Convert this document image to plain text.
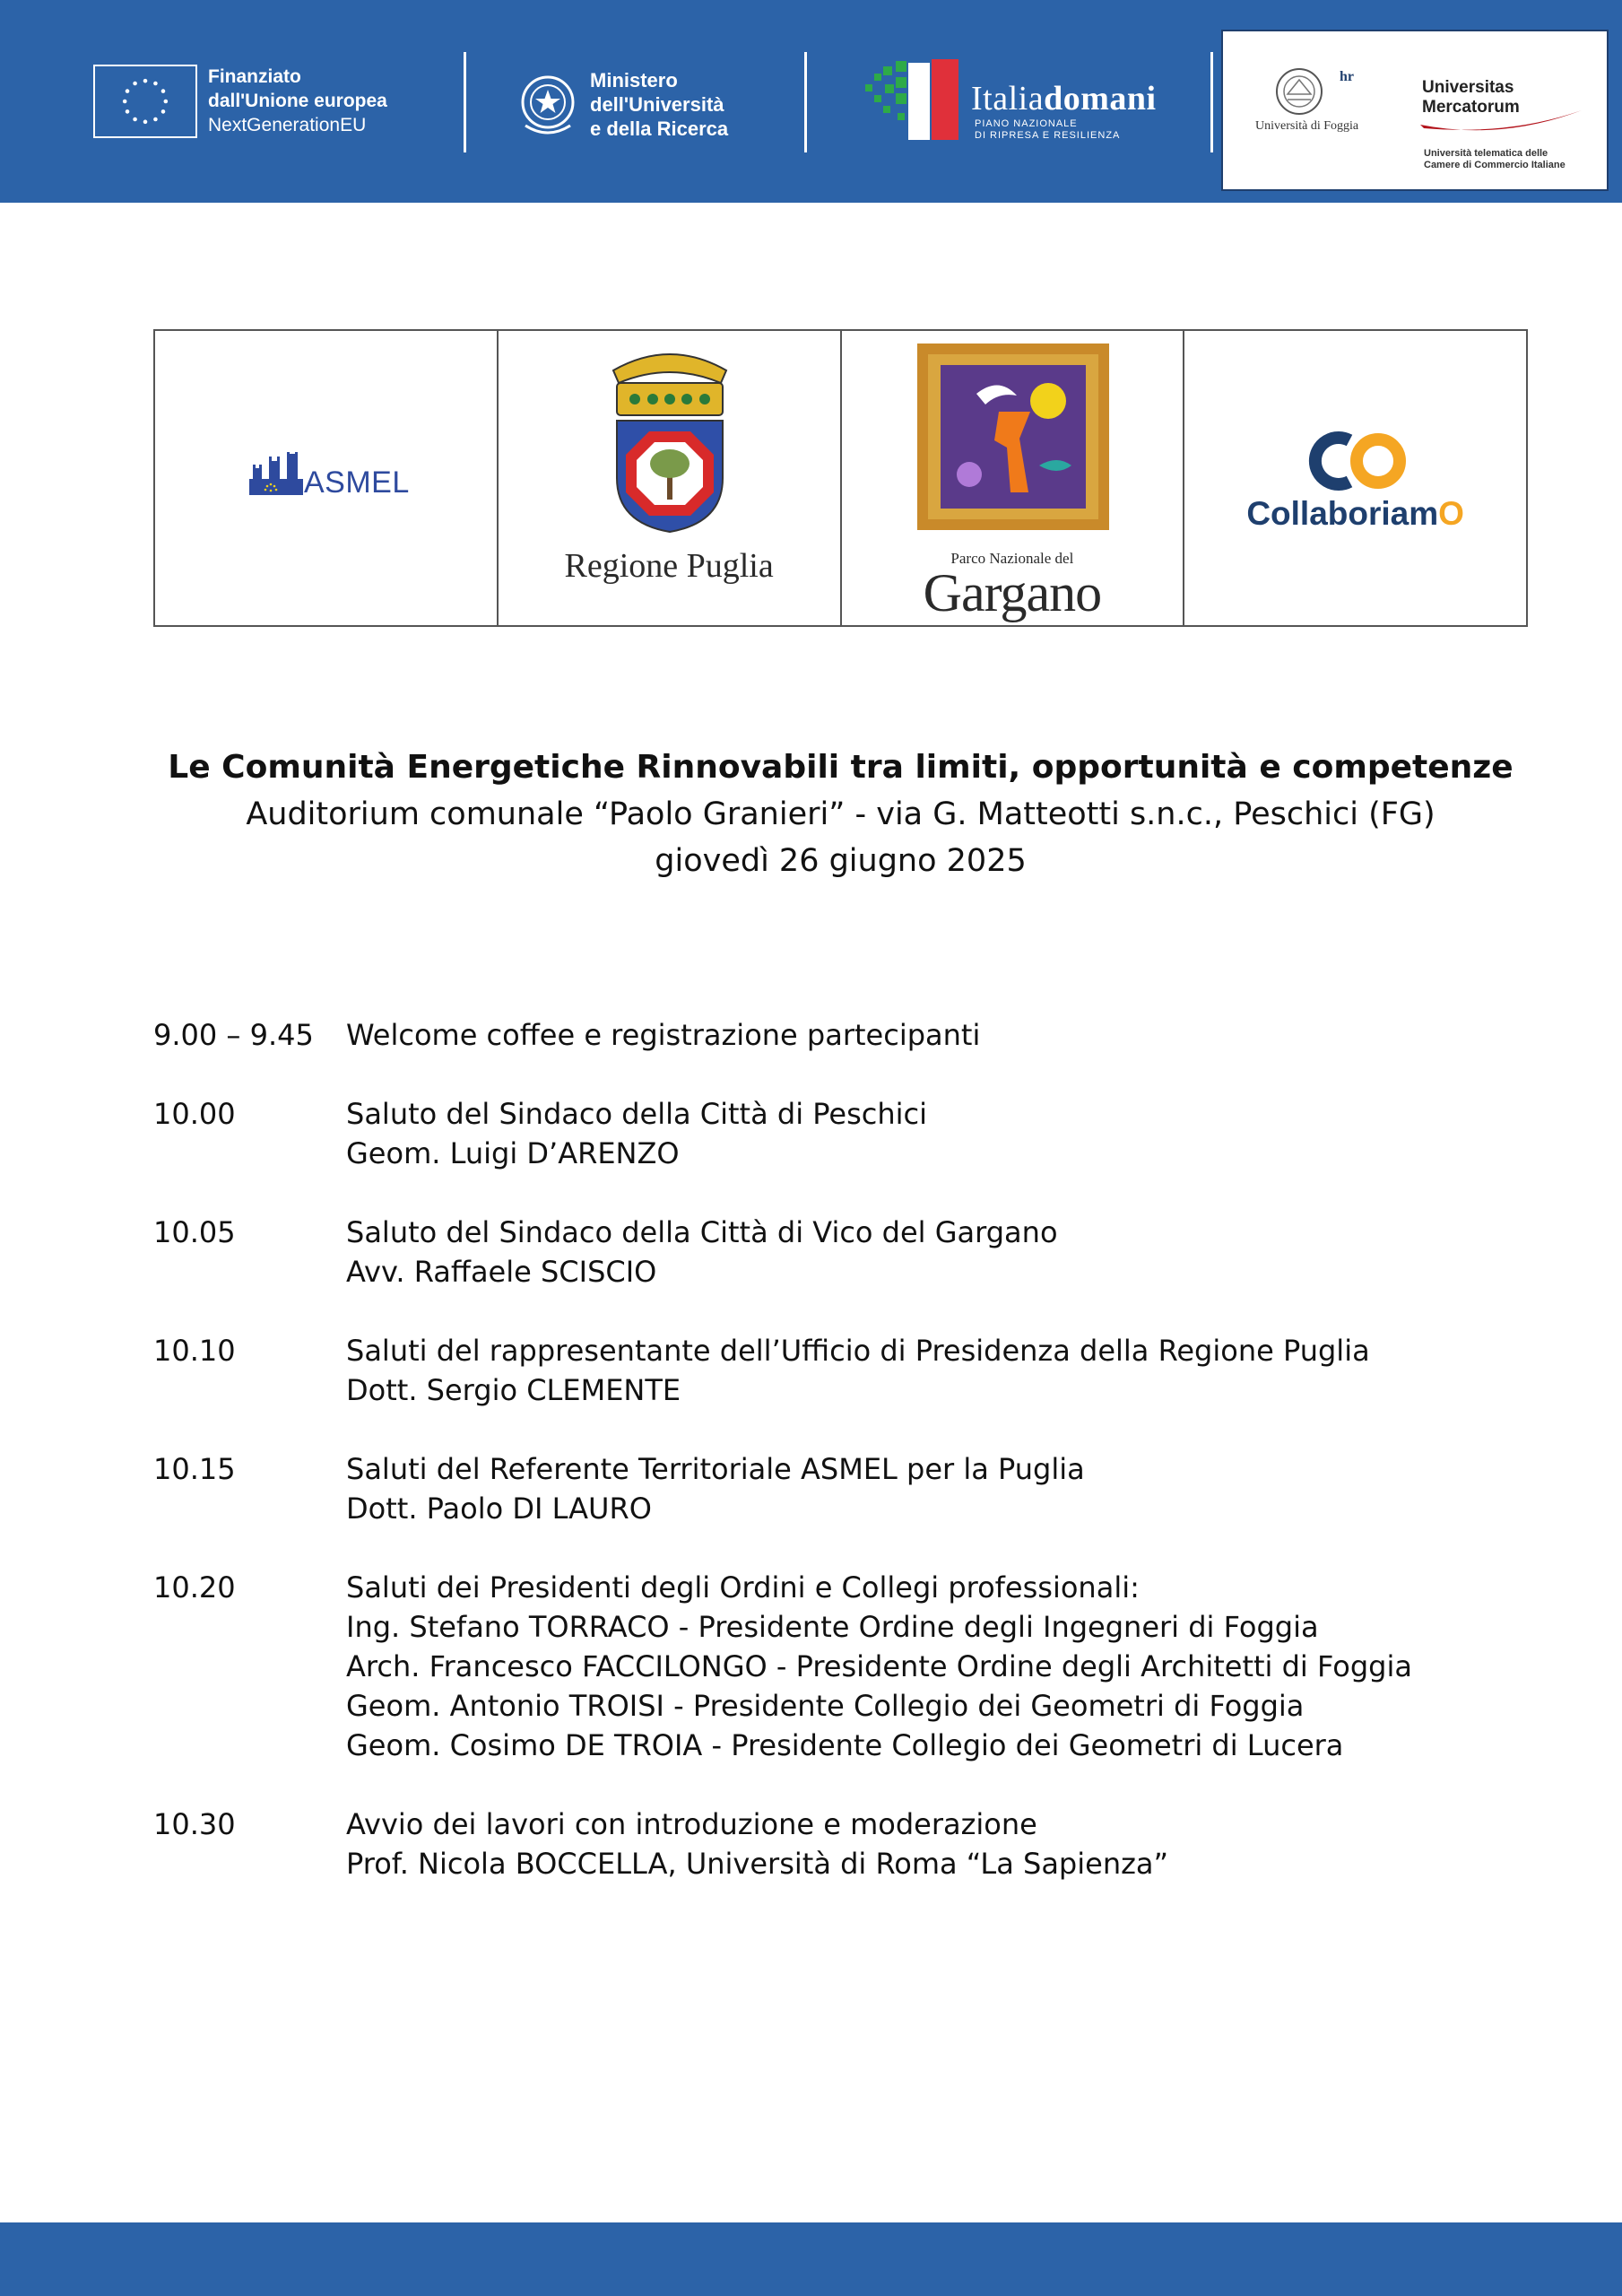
Finanziato
dall'Unione europea
NextGenerationEU
Ministero
dell'Università
e della Ricerca
Italiadomani
PIANO NAZIONALE
DI RIPRESA E RESILIENZA
hr
Università di Foggia
Universitas
Mercatorum
Università telematica delle
Camere di Commercio Italiane
ASMEL
Regione Puglia	Parco Nazionale del
Gargano
CollaboriamO
Le Comunità Energetiche Rinnovabili tra limiti, opportunità e competenze
Auditorium comunale “Paolo Granieri” - via G. Matteotti s.n.c., Peschici (FG)
giovedì 26 giugno 2025
9.00 – 9.45	Welcome coffee e registrazione partecipanti
10.00	Saluto del Sindaco della Città di Peschici
Geom. Luigi D’ARENZO
10.05	Saluto del Sindaco della Città di Vico del Gargano
Avv. Raffaele SCISCIO
10.10	Saluti del rappresentante dell’Ufficio di Presidenza della Regione Puglia
Dott. Sergio CLEMENTE
10.15	Saluti del Referente Territoriale ASMEL per la Puglia
Dott. Paolo DI LAURO
10.20	Saluti dei Presidenti degli Ordini e Collegi professionali:
Ing. Stefano TORRACO - Presidente Ordine degli Ingegneri di Foggia
Arch. Francesco FACCILONGO - Presidente Ordine degli Architetti di Foggia
Geom. Antonio TROISI - Presidente Collegio dei Geometri di Foggia
Geom. Cosimo DE TROIA - Presidente Collegio dei Geometri di Lucera
10.30	Avvio dei lavori con introduzione e moderazione
Prof. Nicola BOCCELLA, Università di Roma “La Sapienza”
